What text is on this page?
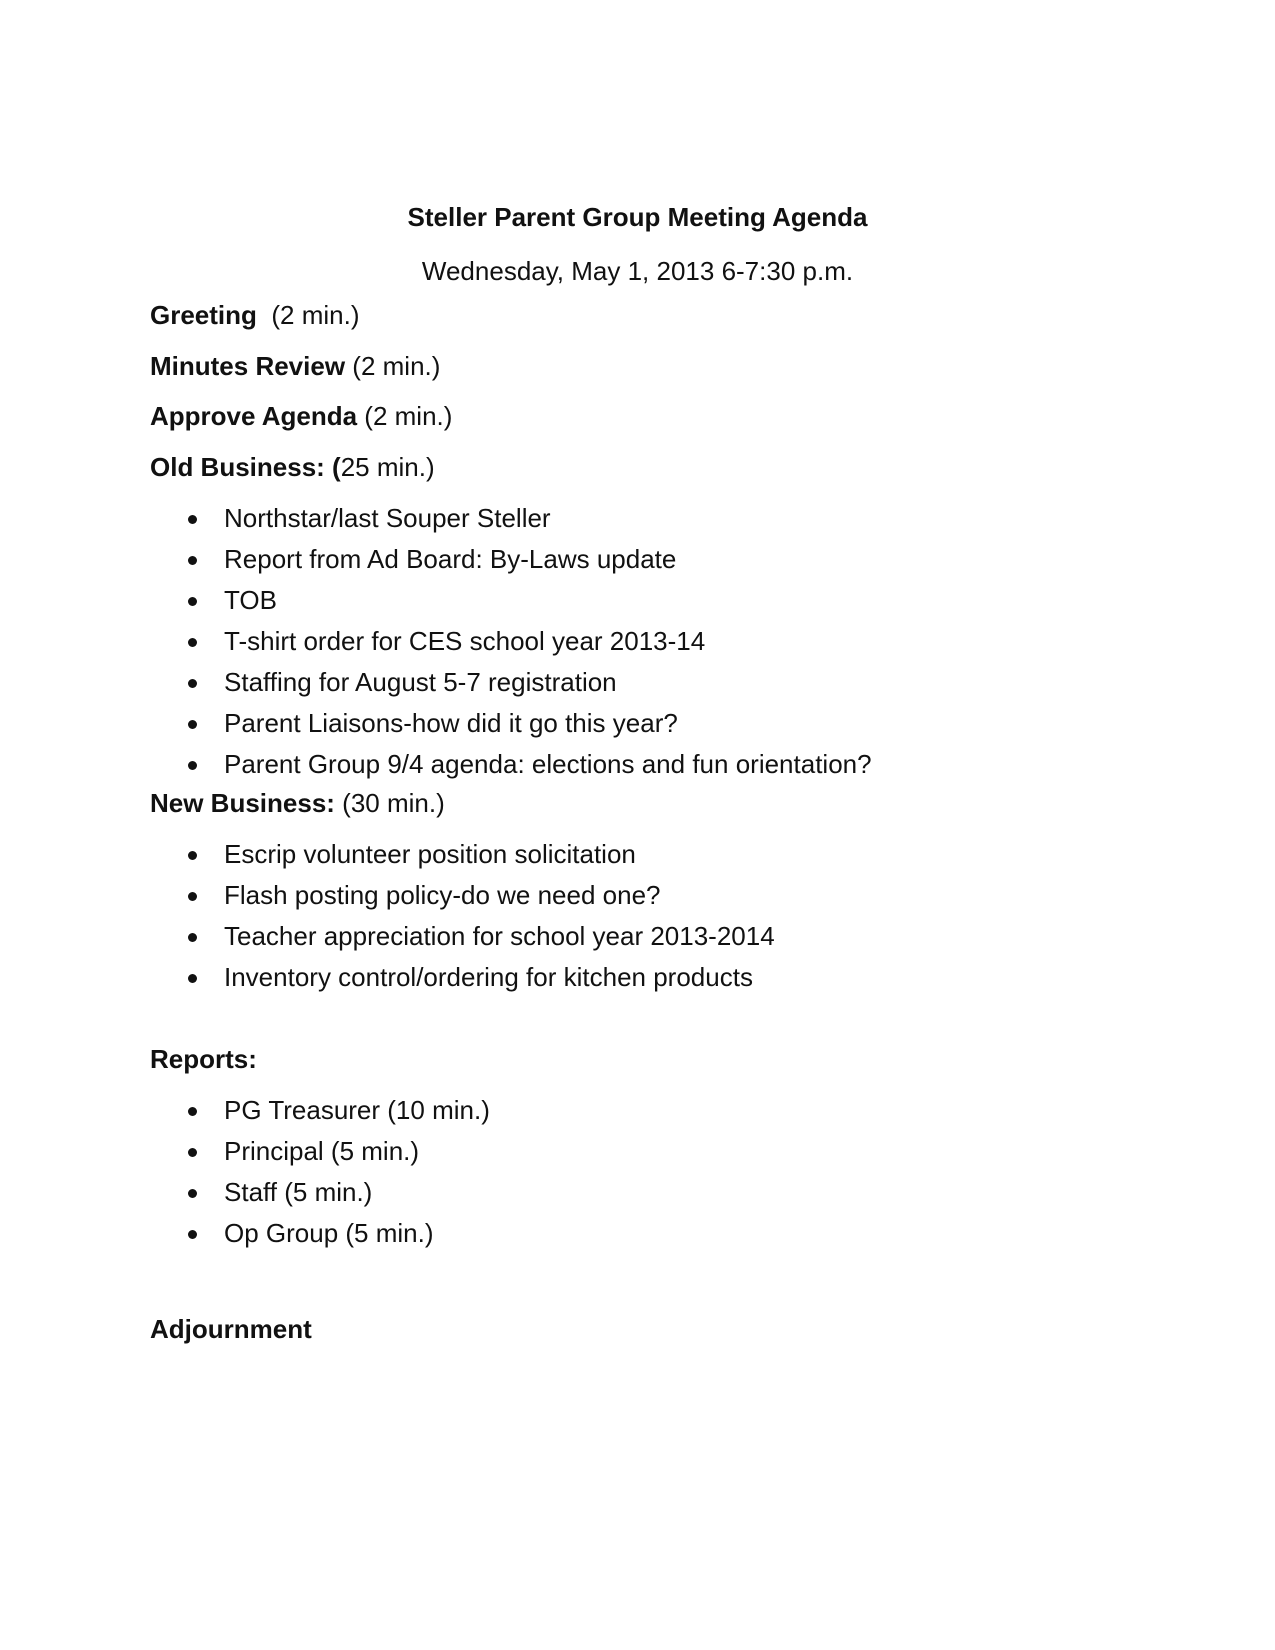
Steller Parent Group Meeting Agenda
Wednesday, May 1, 2013 6-7:30 p.m.
Greeting  (2 min.)
Minutes Review (2 min.)
Approve Agenda (2 min.)
Old Business: (25 min.)
Northstar/last Souper Steller
Report from Ad Board: By-Laws update
TOB
T-shirt order for CES school year 2013-14
Staffing for August 5-7 registration
Parent Liaisons-how did it go this year?
Parent Group 9/4 agenda: elections and fun orientation?
New Business: (30 min.)
Escrip volunteer position solicitation
Flash posting policy-do we need one?
Teacher appreciation for school year 2013-2014
Inventory control/ordering for kitchen products
Reports:
PG Treasurer (10 min.)
Principal (5 min.)
Staff (5 min.)
Op Group (5 min.)
Adjournment
